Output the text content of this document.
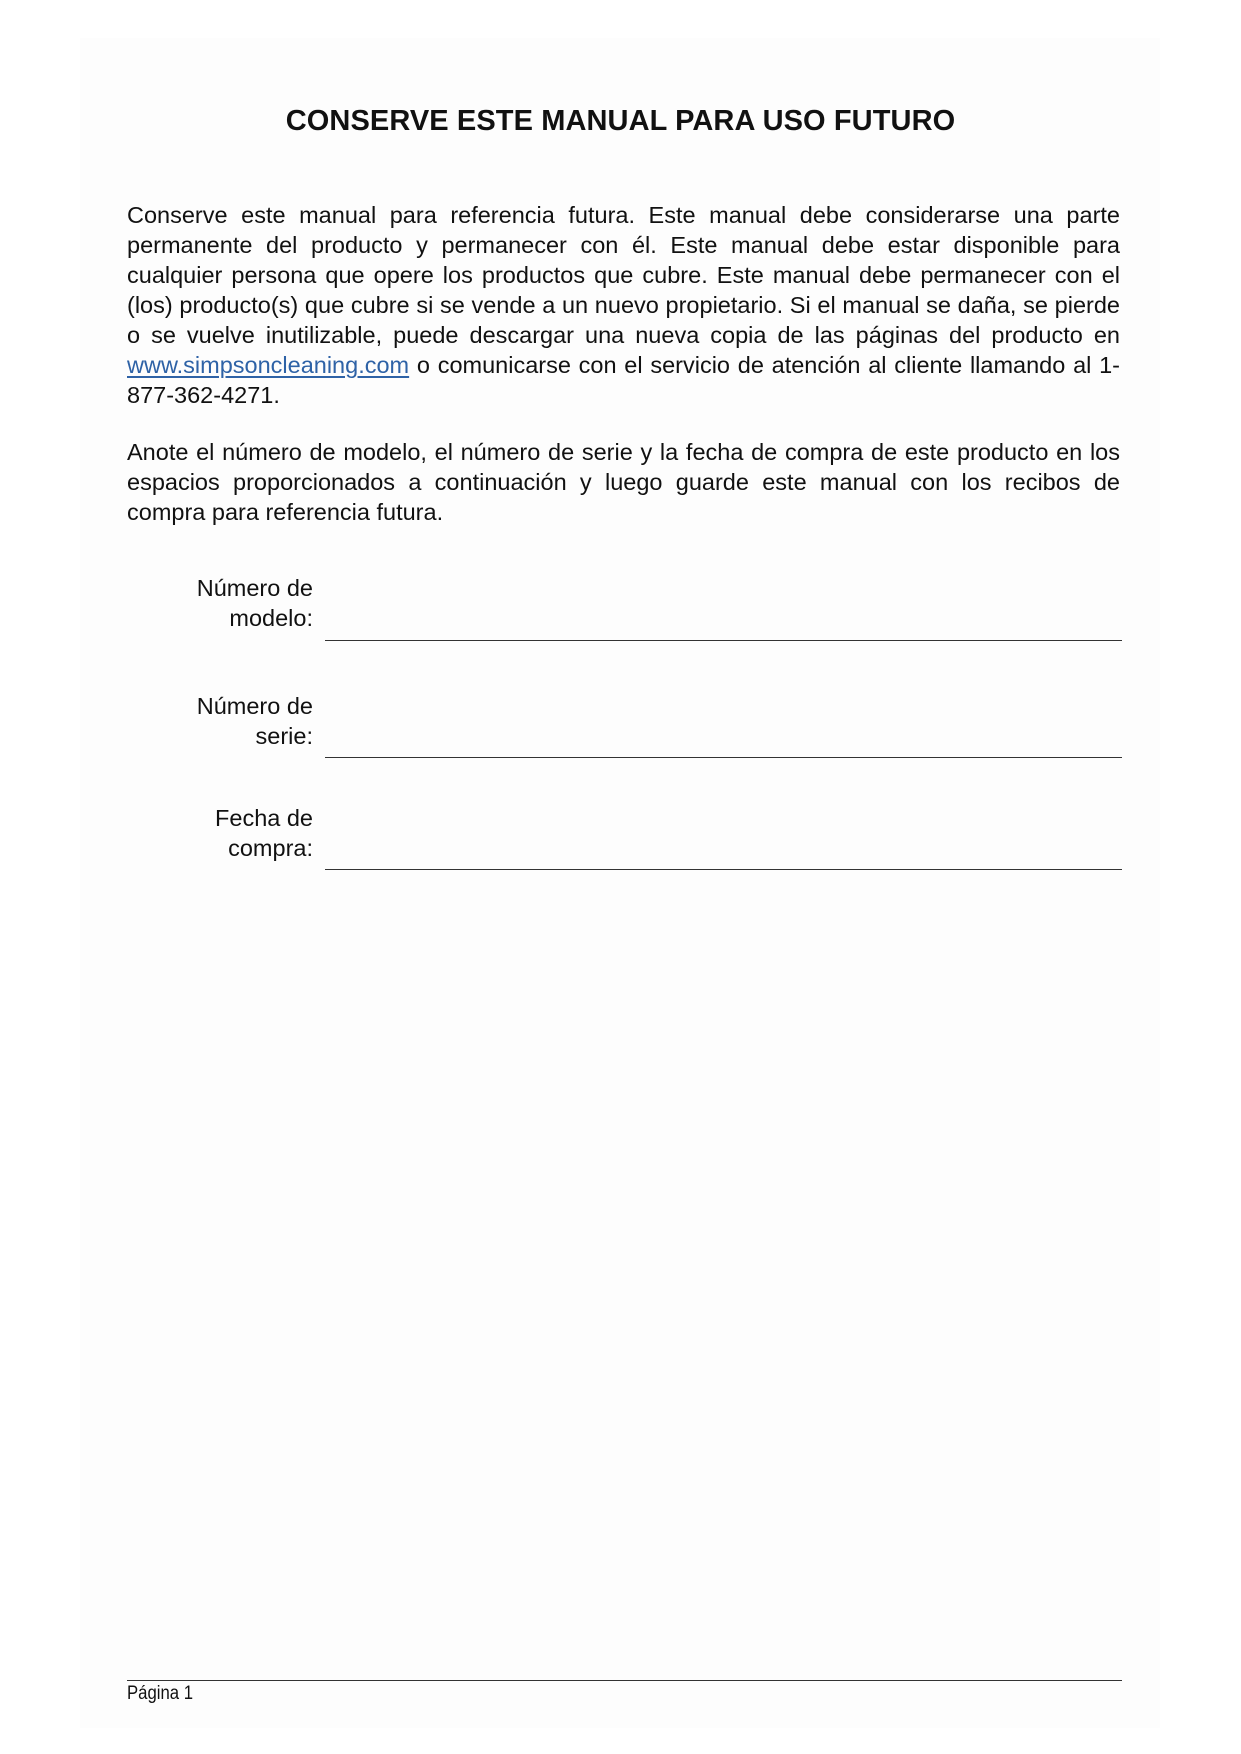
CONSERVE ESTE MANUAL PARA USO FUTURO

Conserve este manual para referencia futura. Este manual debe considerarse una parte permanente del producto y permanecer con él. Este manual debe estar disponible para cualquier persona que opere los productos que cubre. Este manual debe permanecer con el (los) producto(s) que cubre si se vende a un nuevo propietario. Si el manual se daña, se pierde o se vuelve inutilizable, puede descargar una nueva copia de las páginas del producto en www.simpsoncleaning.com o comunicarse con el servicio de atención al cliente llamando al 1-877-362-4271.

Anote el número de modelo, el número de serie y la fecha de compra de este producto en los espacios proporcionados a continuación y luego guarde este manual con los recibos de compra para referencia futura.

Número de
modelo:
Número de
serie:
Fecha de
compra:
Página 1
